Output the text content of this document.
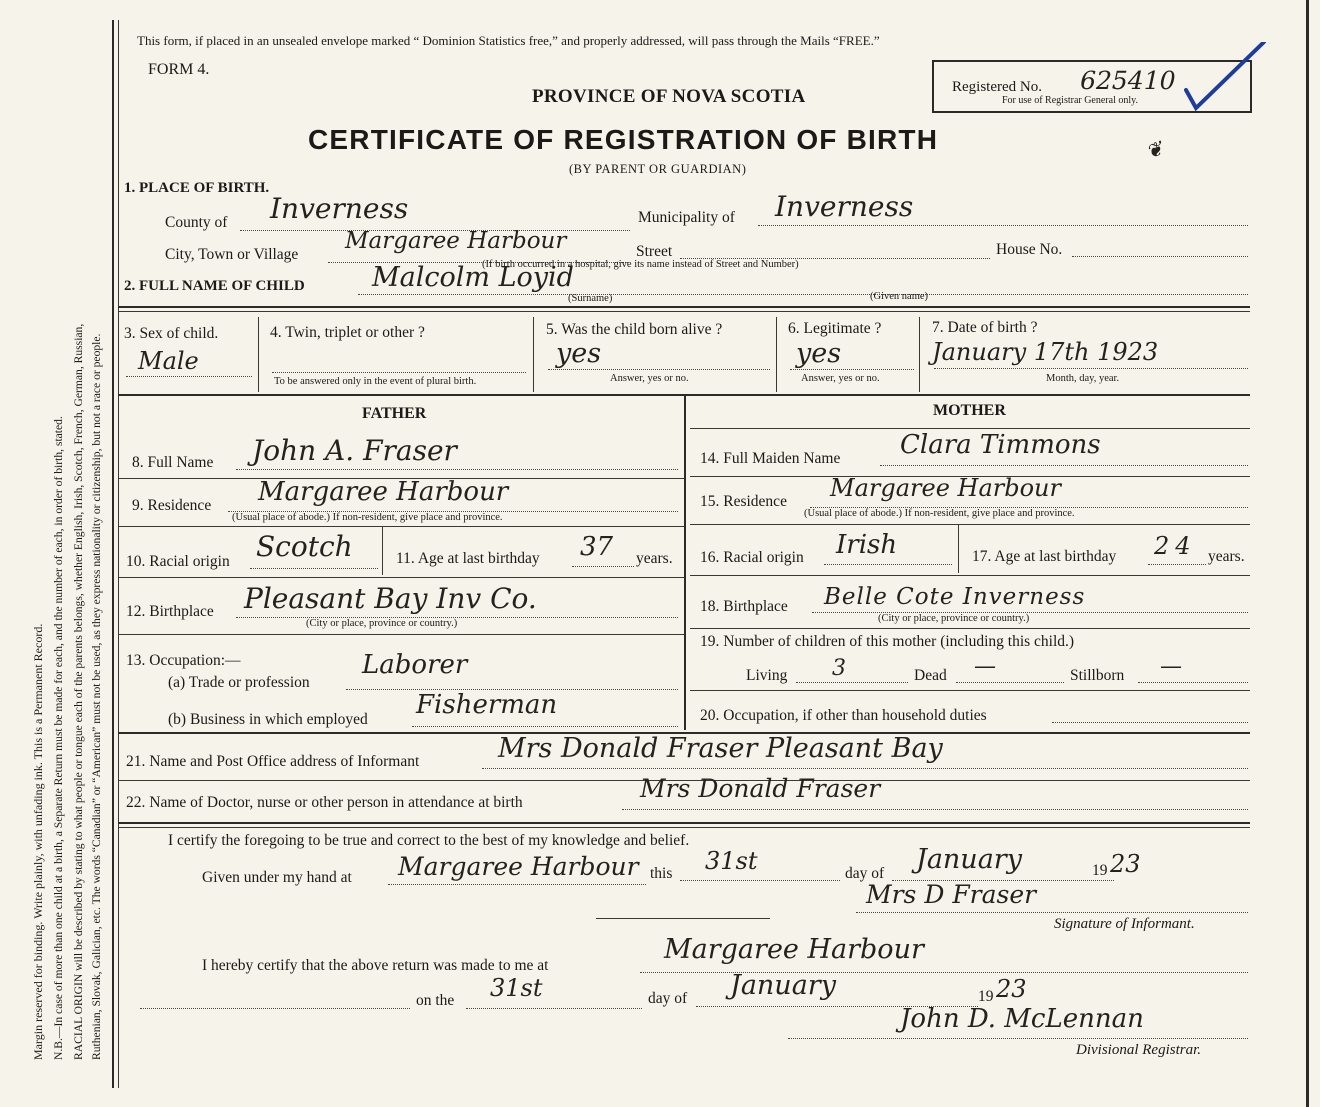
Margin reserved for binding. Write plainly, with unfading ink. This is a Permanent Record. N.B.—In case of more than one child at a birth, a Separate Return must be made for each, and the number of each, in order of birth, stated. RACIAL ORIGIN will be described by stating to what people or tongue each of the parents belongs, whether English, Irish, Scotch, French, German, Russian, Ruthenian, Slovak, Galician, etc. The words “Canadian” or “American” must not be used, as they express nationality or citizenship, but not a race or people.
This form, if placed in an unsealed envelope marked “ Dominion Statistics free,” and properly addressed, will pass through the Mails “FREE.”
FORM 4.
PROVINCE OF NOVA SCOTIA
CERTIFICATE OF REGISTRATION OF BIRTH
(BY PARENT OR GUARDIAN)
Registered No. 625410
For use of Registrar General only.
❦
1. PLACE OF BIRTH.
County of Inverness	Municipality of Inverness
City, Town or Village
Margaree Harbour	Street	House No.
(If birth occurred in a hospital, give its name instead of Street and Number)
2. FULL NAME OF CHILD Malcolm Loyid
(Surname)	(Given name)
3. Sex of child.
Male
4. Twin, triplet or other ?
To be answered only in the event of plural birth.
5. Was the child born alive ?
yes
Answer, yes or no.
6. Legitimate ?
yes
Answer, yes or no.
7. Date of birth ?
January 17th 1923
Month, day, year.
FATHER	MOTHER
8. Full Name John A. Fraser
9. Residence Margaree Harbour
(Usual place of abode.) If non-resident, give place and province.
10. Racial origin Scotch	11. Age at last birthday 37 years.
12. Birthplace Pleasant Bay Inv Co.
(City or place, province or country.)
13. Occupation:—
(a) Trade or profession
Laborer
(b) Business in which employed Fisherman
14. Full Maiden Name Clara Timmons
15. Residence Margaree Harbour
(Usual place of abode.) If non-resident, give place and province.
16. Racial origin Irish	17. Age at last birthday 24 years.
18. Birthplace Belle Cote Inverness
(City or place, province or country.)
19. Number of children of this mother (including this child.)
Living 3	Dead —	Stillborn —
20. Occupation, if other than household duties
21. Name and Post Office address of Informant	Mrs Donald Fraser Pleasant Bay
22. Name of Doctor, nurse or other person in attendance at birth	Mrs Donald Fraser
I certify the foregoing to be true and correct to the best of my knowledge and belief.
Given under my hand at Margaree Harbour this 31st	day of January	19 23
Mrs D Fraser
Signature of Informant.
I hereby certify that the above return was made to me at
Margaree Harbour
on the 31st	day of January	19 23
John D. McLennan
Divisional Registrar.
